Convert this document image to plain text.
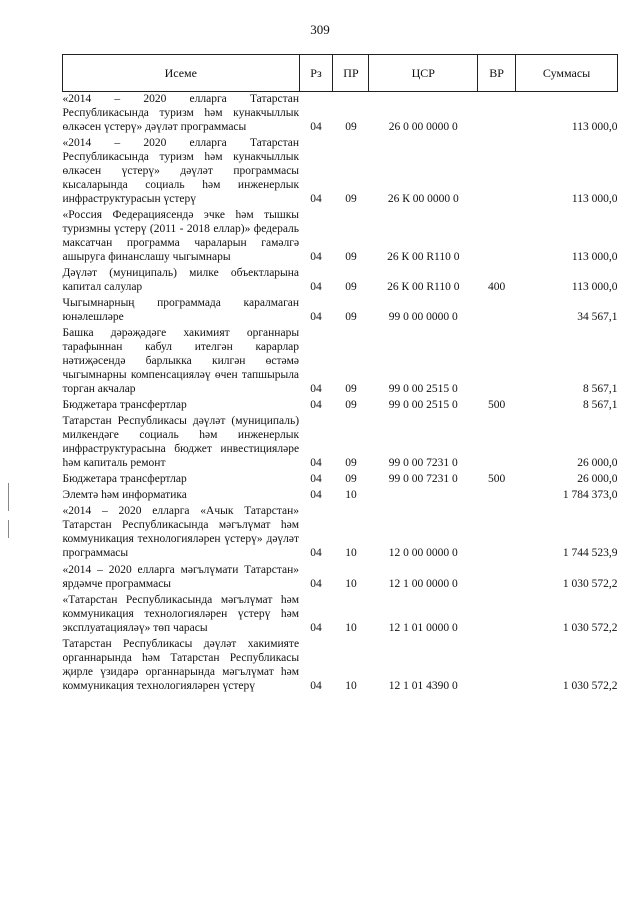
309
Исеме	Рз	ПР	ЦСР	ВР	Суммасы
«2014 – 2020 елларга Татарстан Республикасында туризм һәм кунакчыллык өлкәсен үстерү» дәүләт программасы	04	09	26 0 00 0000 0		113 000,0
«2014 – 2020 елларга Татарстан Республикасында туризм һәм кунакчыллык өлкәсен үстерү» дәүләт программасы кысаларында социаль һәм инженерлык инфраструктурасын үстерү	04	09	26 К 00 0000 0		113 000,0
«Россия Федерациясендә эчке һәм тышкы туризмны үстерү (2011 - 2018 еллар)» федераль максатчан программа чараларын гамәлгә ашыруга финанслашу чыгымнары	04	09	26 К 00 R110 0		113 000,0
Дәүләт (муниципаль) милке объектларына капитал салулар	04	09	26 К 00 R110 0	400	113 000,0
Чыгымнарның программада каралмаган юнәлешләре	04	09	99 0 00 0000 0		34 567,1
Башка дәрәҗәдәге хакимият органнары тарафыннан кабул ителгән карарлар нәтиҗәсендә барлыкка килгән өстәмә чыгымнарны компенсацияләү өчен тапшырыла торган акчалар	04	09	99 0 00 2515 0		8 567,1
Бюджетара трансфертлар	04	09	99 0 00 2515 0	500	8 567,1
Татарстан Республикасы дәүләт (муниципаль) милкендәге социаль һәм инженерлык инфраструктурасына бюджет инвестицияләре һәм капиталь ремонт	04	09	99 0 00 7231 0		26 000,0
Бюджетара трансфертлар	04	09	99 0 00 7231 0	500	26 000,0
Элемтә һәм информатика	04	10			1 784 373,0
«2014 – 2020 елларга «Ачык Татарстан» Татарстан Республикасында мәгълүмат һәм коммуникация технологияләрен үстерү» дәүләт программасы	04	10	12 0 00 0000 0		1 744 523,9
«2014 – 2020 елларга мәгълүмати Татарстан» ярдәмче программасы	04	10	12 1 00 0000 0		1 030 572,2
«Татарстан Республикасында мәгълүмат һәм коммуникация технологияләрен үстерү һәм эксплуатацияләү» төп чарасы	04	10	12 1 01 0000 0		1 030 572,2
Татарстан Республикасы дәүләт хакимияте органнарында һәм Татарстан Республикасы җирле үзидарә органнарында мәгълүмат һәм коммуникация технологияләрен үстерү	04	10	12 1 01 4390 0		1 030 572,2
